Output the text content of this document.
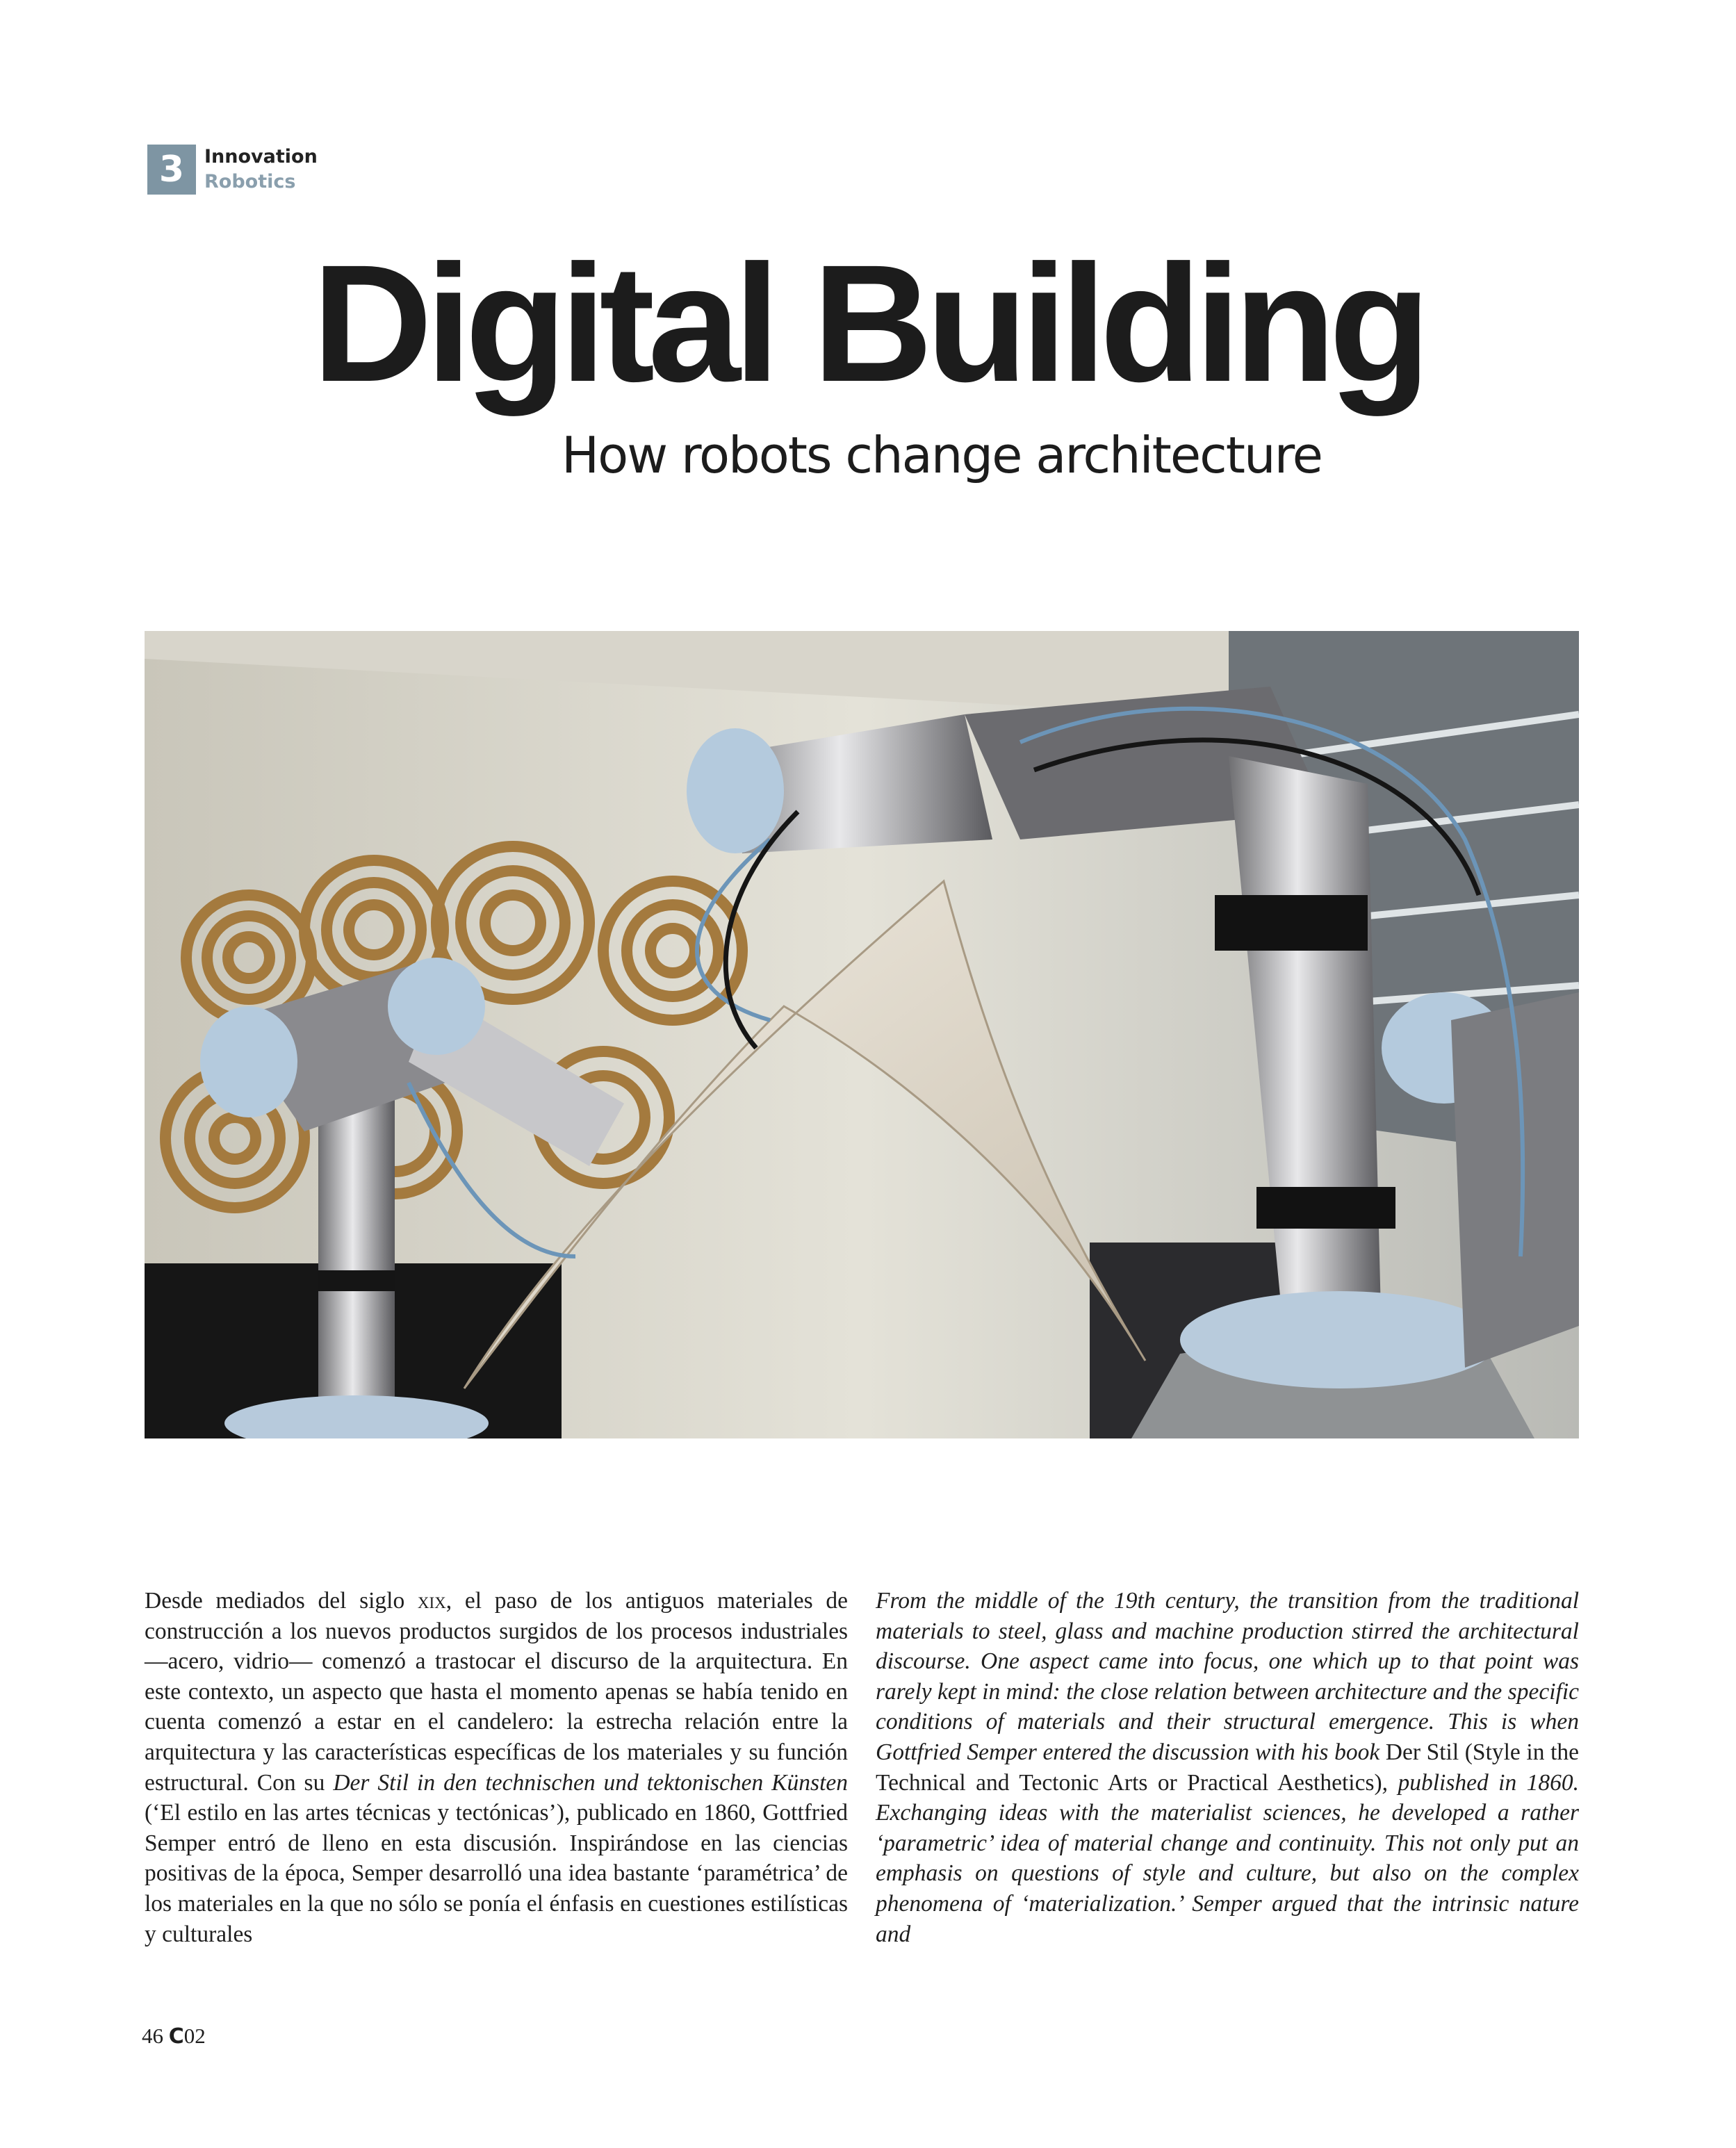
3	Innovation
Robotics
Digital Building
How robots change architecture

Desde mediados del siglo xix, el paso de los antiguos materiales de construcción a los nuevos productos surgidos de los procesos industriales —acero, vidrio— comenzó a trastocar el discurso de la arquitectura. En este contexto, un aspecto que hasta el momento apenas se había tenido en cuenta comenzó a estar en el candelero: la estrecha relación entre la arquitectura y las características específicas de los materiales y su función estructural. Con su Der Stil in den technischen und tektonischen Künsten (‘El estilo en las artes técnicas y tectónicas’), publicado en 1860, Gottfried Semper entró de lleno en esta discusión. Inspirándose en las ciencias positivas de la época, Semper desarrolló una idea bastante ‘paramétrica’ de los materiales en la que no sólo se ponía el énfasis en cuestiones estilísticas y culturales

From the middle of the 19th century, the transition from the traditional materials to steel, glass and machine production stirred the architectural discourse. One aspect came into focus, one which up to that point was rarely kept in mind: the close relation between architecture and the specific conditions of materials and their structural emergence. This is when Gottfried Semper entered the discussion with his book Der Stil (Style in the Technical and Tectonic Arts or Practical Aesthetics), published in 1860. Exchanging ideas with the materialist sciences, he developed a rather ‘parametric’ idea of material change and continuity. This not only put an emphasis on questions of style and culture, but also on the complex phenomena of ‘materialization.’ Semper argued that the intrinsic nature and

46 C02
